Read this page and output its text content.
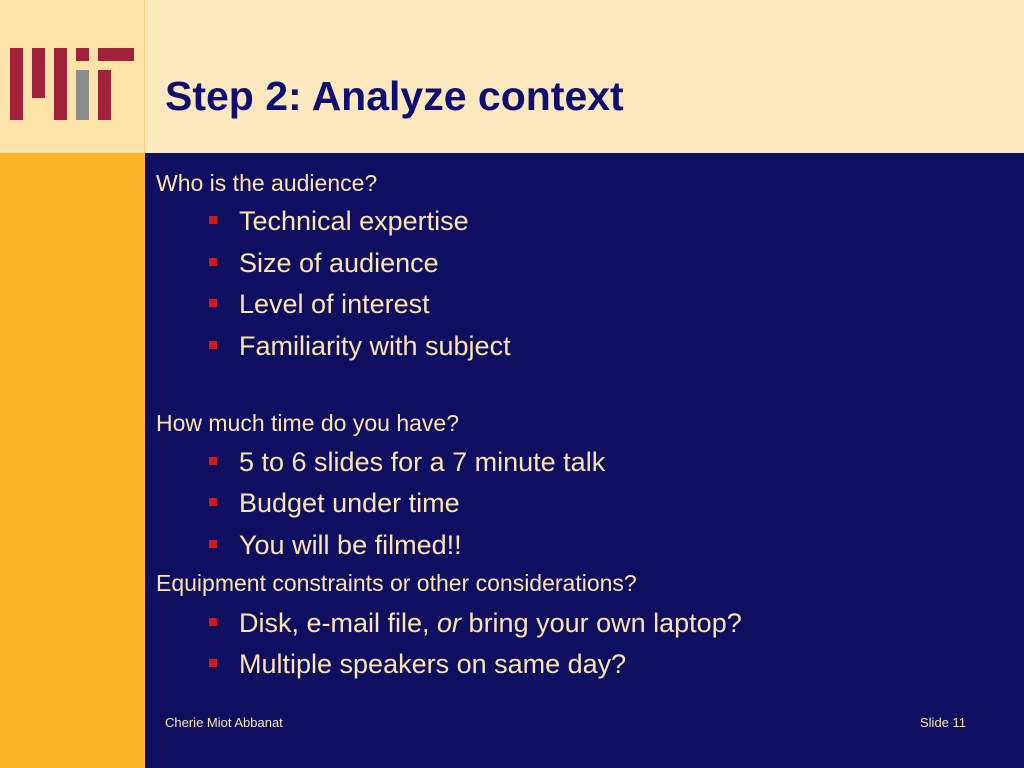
Step 2: Analyze context
Who is the audience?
Technical expertise
Size of audience
Level of interest
Familiarity with subject
How much time do you have?
5 to 6 slides for a 7 minute talk
Budget under time
You will be filmed!!
Equipment constraints or other considerations?
Disk, e-mail file, or bring your own laptop?
Multiple speakers on same day?
Cherie Miot Abbanat	Slide 11
